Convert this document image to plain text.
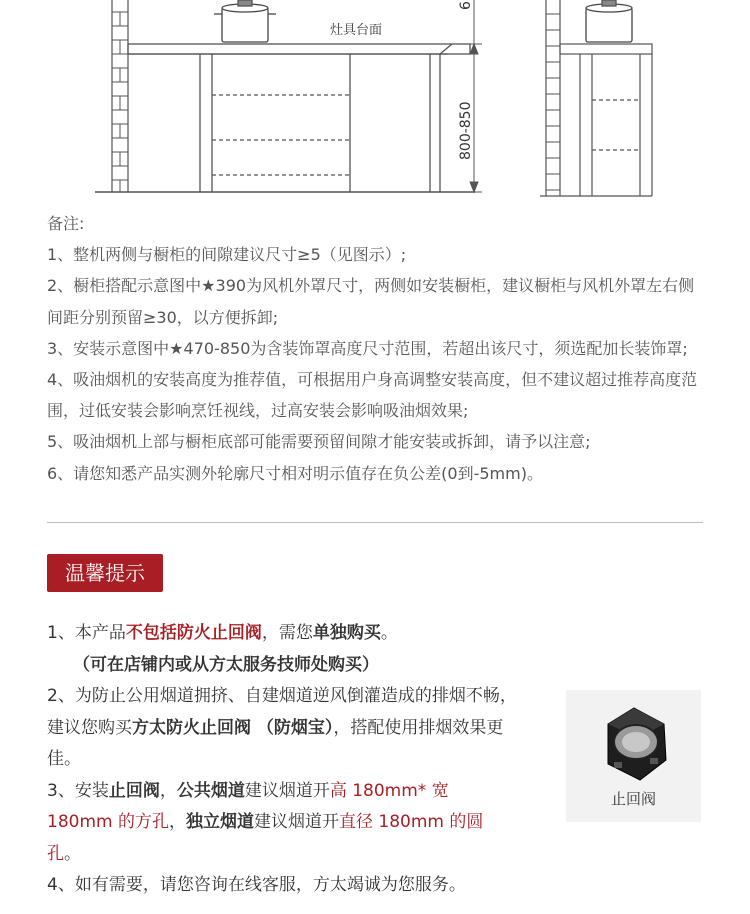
灶具台面
800-850
6

备注:

1、整机两侧与橱柜的间隙建议尺寸≥5（见图示）;

2、橱柜搭配示意图中★390为风机外罩尺寸，两侧如安装橱柜，建议橱柜与风机外罩左右侧间距分别预留≥30，以方便拆卸;

3、安装示意图中★470-850为含装饰罩高度尺寸范围，若超出该尺寸，须选配加长装饰罩;

4、吸油烟机的安装高度为推荐值，可根据用户身高调整安装高度，但不建议超过推荐高度范围，过低安装会影响烹饪视线，过高安装会影响吸油烟效果;

5、吸油烟机上部与橱柜底部可能需要预留间隙才能安装或拆卸，请予以注意;

6、请您知悉产品实测外轮廓尺寸相对明示值存在负公差(0到-5mm)。

温馨提示

1、本产品不包括防火止回阀，需您单独购买。

（可在店铺内或从方太服务技师处购买）

2、为防止公用烟道拥挤、自建烟道逆风倒灌造成的排烟不畅，建议您购买方太防火止回阀 （防烟宝），搭配使用排烟效果更佳。

3、安装止回阀，公共烟道建议烟道开高 180mm* 宽 180mm 的方孔，独立烟道建议烟道开直径 180mm 的圆孔。

4、如有需要，请您咨询在线客服，方太竭诚为您服务。

止回阀
